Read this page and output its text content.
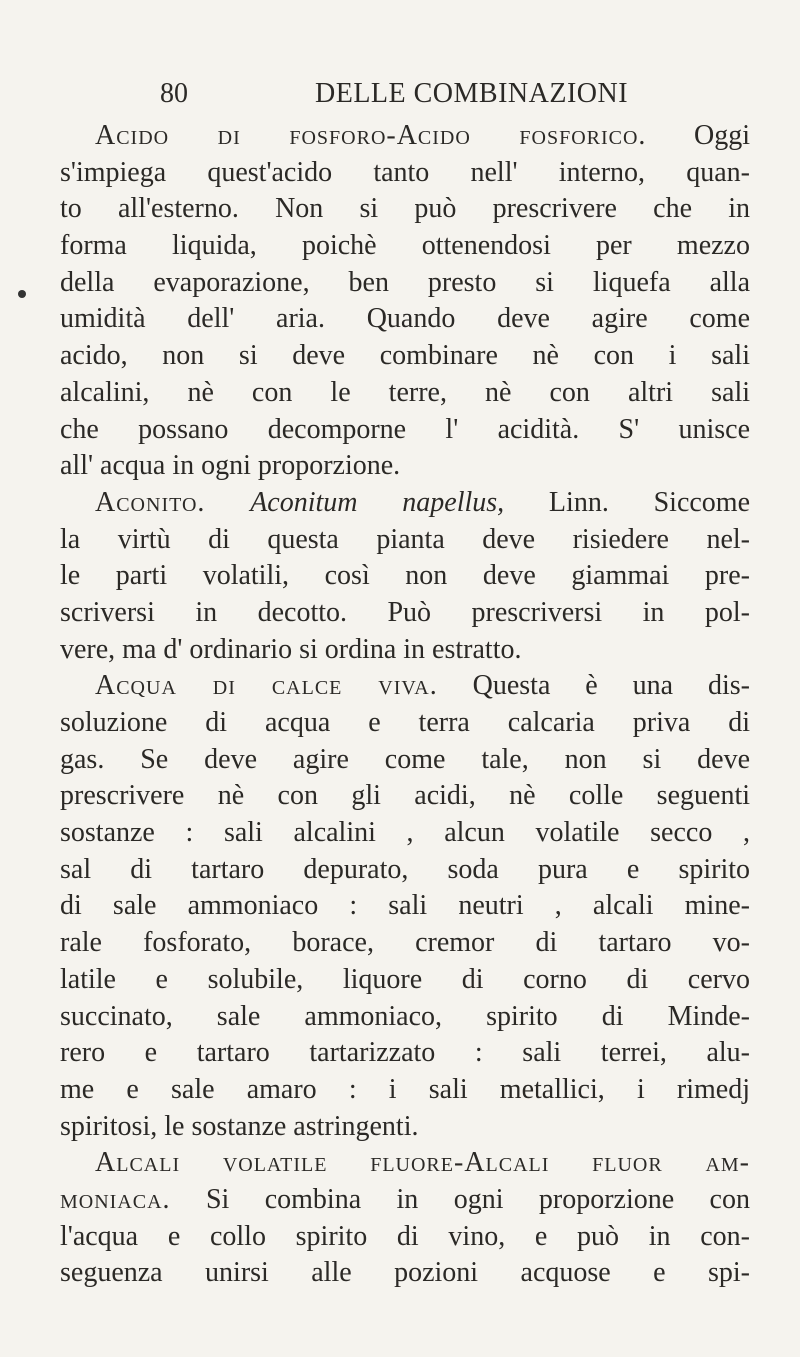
80	DELLE COMBINAZIONI
Acido di fosforo-Acido fosforico. Oggi
s'impiega quest'acido tanto nell' interno, quan-
to all'esterno. Non si può prescrivere che in
forma liquida, poichè ottenendosi per mezzo
della evaporazione, ben presto si liquefa alla
umidità dell' aria. Quando deve agire come
acido, non si deve combinare nè con i sali
alcalini, nè con le terre, nè con altri sali
che possano decomporne l' acidità. S' unisce
all' acqua in ogni proporzione.
Aconito. Aconitum napellus, Linn. Siccome
la virtù di questa pianta deve risiedere nel-
le parti volatili, così non deve giammai pre-
scriversi in decotto. Può prescriversi in pol-
vere, ma d' ordinario si ordina in estratto.
Acqua di calce viva. Questa è una dis-
soluzione di acqua e terra calcaria priva di
gas. Se deve agire come tale, non si deve
prescrivere nè con gli acidi, nè colle seguenti
sostanze : sali alcalini , alcun volatile secco ,
sal di tartaro depurato, soda pura e spirito
di sale ammoniaco : sali neutri , alcali mine-
rale fosforato, borace, cremor di tartaro vo-
latile e solubile, liquore di corno di cervo
succinato, sale ammoniaco, spirito di Minde-
rero e tartaro tartarizzato : sali terrei, alu-
me e sale amaro : i sali metallici, i rimedj
spiritosi, le sostanze astringenti.
Alcali volatile fluore-Alcali fluor am-
moniaca. Si combina in ogni proporzione con
l'acqua e collo spirito di vino, e può in con-
seguenza unirsi alle pozioni acquose e spi-
